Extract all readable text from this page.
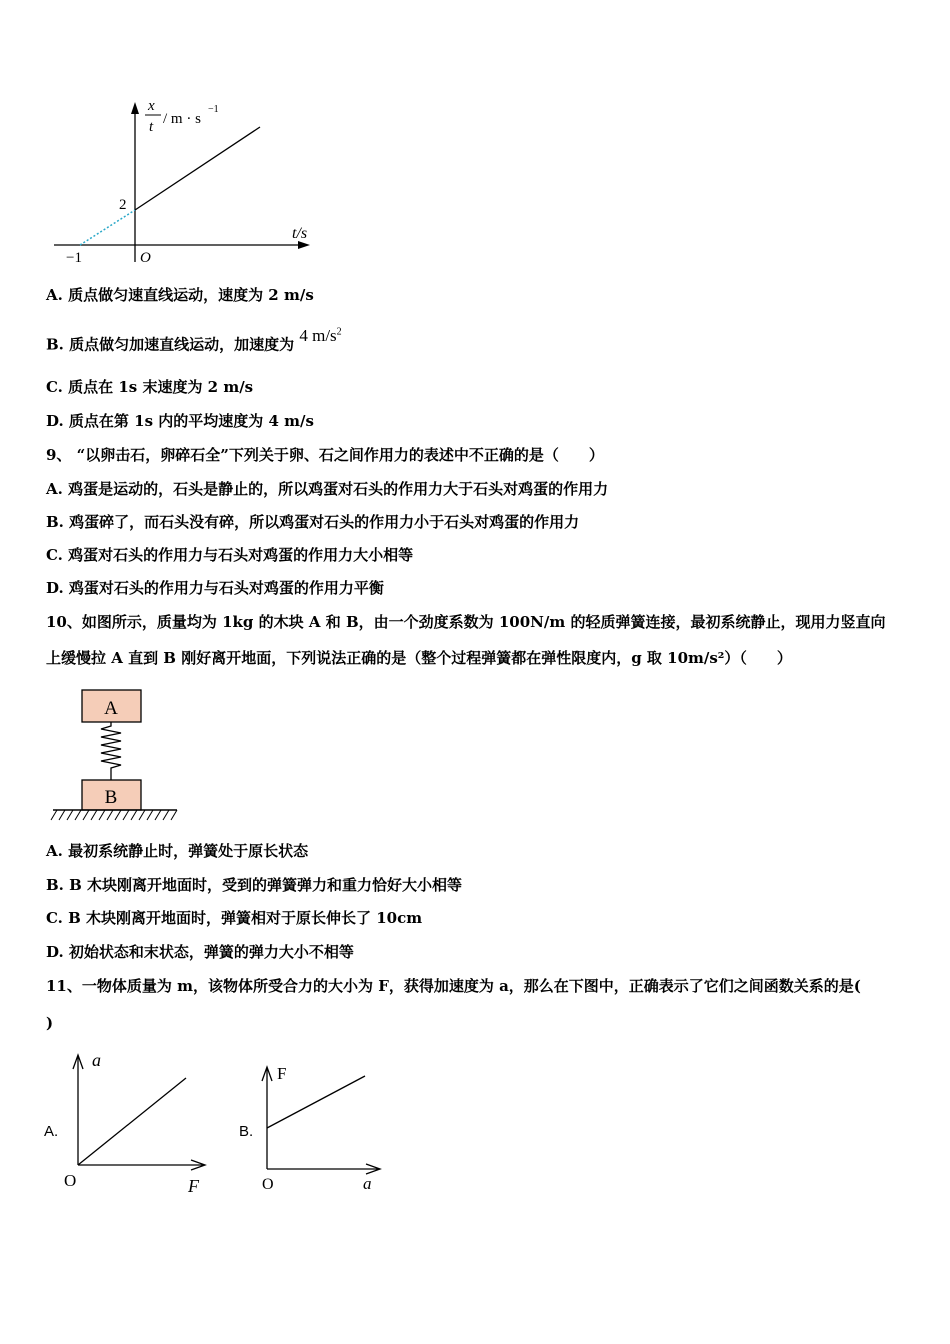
x
t / m · s
−1
2
t/s
O
−1
A. 质点做匀速直线运动，速度为 2 m/s
B. 质点做匀加速直线运动，加速度为 4 $m/s^2$
C. 质点在 1s 末速度为 2 m/s
D. 质点在第 1s 内的平均速度为 4 m/s
9、 “以卵击石，卵碎石全”下列关于卵、石之间作用力的表述中不正确的是（　　）
A. 鸡蛋是运动的，石头是静止的，所以鸡蛋对石头的作用力大于石头对鸡蛋的作用力
B. 鸡蛋碎了，而石头没有碎，所以鸡蛋对石头的作用力小于石头对鸡蛋的作用力
C. 鸡蛋对石头的作用力与石头对鸡蛋的作用力大小相等
D. 鸡蛋对石头的作用力与石头对鸡蛋的作用力平衡
10、如图所示，质量均为 1kg 的木块 A 和 B，由一个劲度系数为 100N/m 的轻质弹簧连接，最初系统静止，现用力竖直向
上缓慢拉 A 直到 B 刚好离开地面，下列说法正确的是（整个过程弹簧都在弹性限度内，g 取 10m/s²）（　　）
A
B
A. 最初系统静止时，弹簧处于原长状态
B. B 木块刚离开地面时，受到的弹簧弹力和重力恰好大小相等
C. B 木块刚离开地面时，弹簧相对于原长伸长了 10cm
D. 初始状态和末状态，弹簧的弹力大小不相等
11、一物体质量为 m，该物体所受合力的大小为 F，获得加速度为 a，那么在下图中，正确表示了它们之间函数关系的是(
)
A.
a
F
O
B.
F
a
O
